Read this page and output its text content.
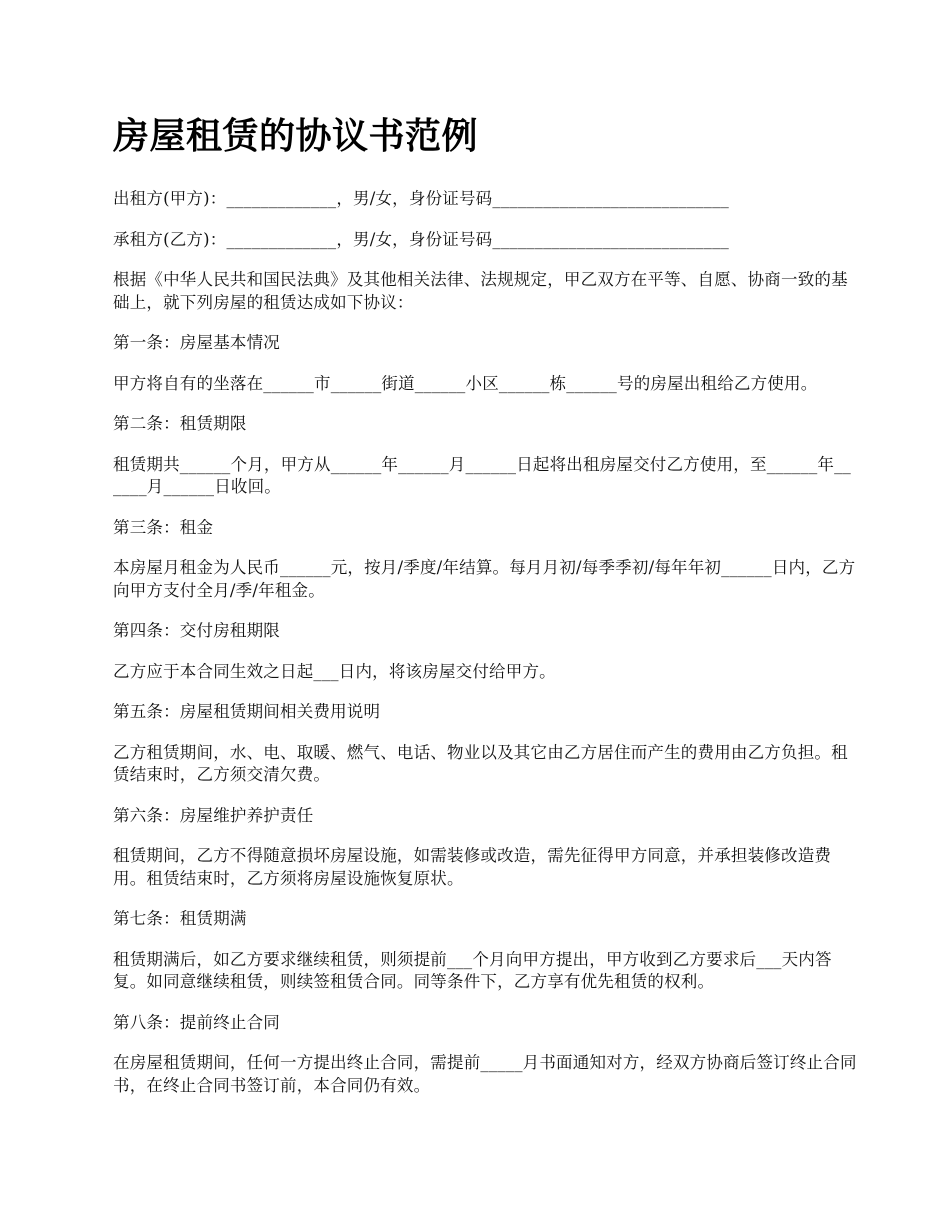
房屋租赁的协议书范例

出租方(甲方)：_____________，男/女，身份证号码____________________________

承租方(乙方)：_____________，男/女，身份证号码____________________________

根据《中华人民共和国民法典》及其他相关法律、法规规定，甲乙双方在平等、自愿、协商一致的基础上，就下列房屋的租赁达成如下协议：

第一条：房屋基本情况

甲方将自有的坐落在______市______街道______小区______栋______号的房屋出租给乙方使用。

第二条：租赁期限

租赁期共______个月，甲方从______年______月______日起将出租房屋交付乙方使用，至______年______月______日收回。

第三条：租金

本房屋月租金为人民币______元，按月/季度/年结算。每月月初/每季季初/每年年初______日内，乙方向甲方支付全月/季/年租金。

第四条：交付房租期限

乙方应于本合同生效之日起___日内，将该房屋交付给甲方。

第五条：房屋租赁期间相关费用说明

乙方租赁期间，水、电、取暖、燃气、电话、物业以及其它由乙方居住而产生的费用由乙方负担。租赁结束时，乙方须交清欠费。

第六条：房屋维护养护责任

租赁期间，乙方不得随意损坏房屋设施，如需装修或改造，需先征得甲方同意，并承担装修改造费用。租赁结束时，乙方须将房屋设施恢复原状。

第七条：租赁期满

租赁期满后，如乙方要求继续租赁，则须提前___个月向甲方提出，甲方收到乙方要求后___天内答复。如同意继续租赁，则续签租赁合同。同等条件下，乙方享有优先租赁的权利。

第八条：提前终止合同

在房屋租赁期间，任何一方提出终止合同，需提前_____月书面通知对方，经双方协商后签订终止合同书，在终止合同书签订前，本合同仍有效。
